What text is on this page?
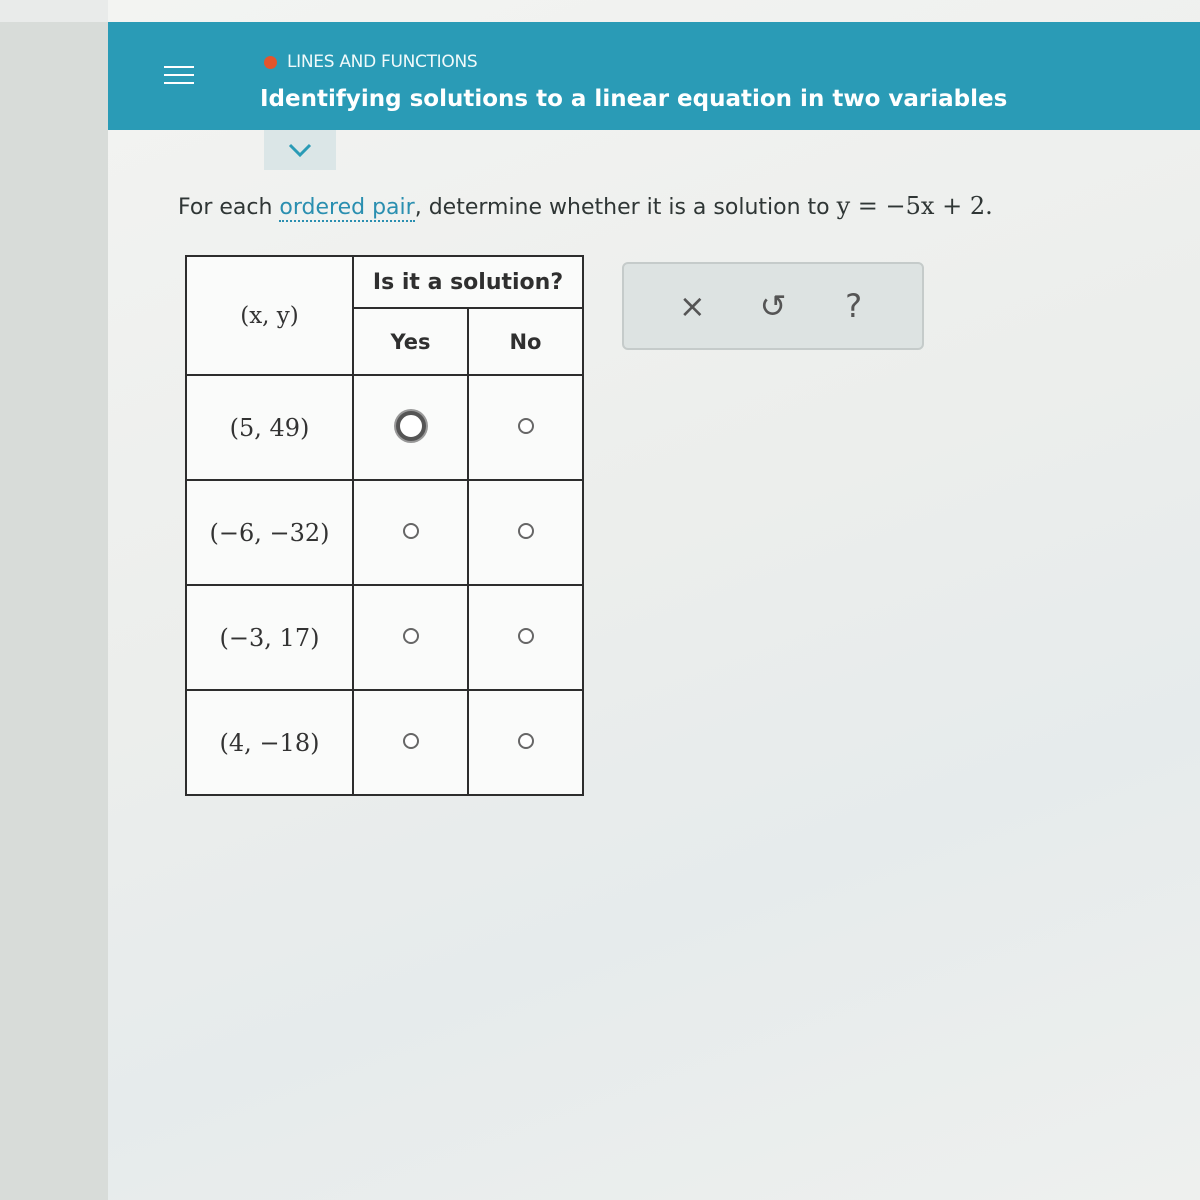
LINES AND FUNCTIONS
Identifying solutions to a linear equation in two variables
For each ordered pair, determine whether it is a solution to y = −5x + 2.
(x, y)	Is it a solution?	
	Yes	No
(5, 49)		
(−6, −32)		
(−3, 17)		
(4, −18)		
×	↺	?
